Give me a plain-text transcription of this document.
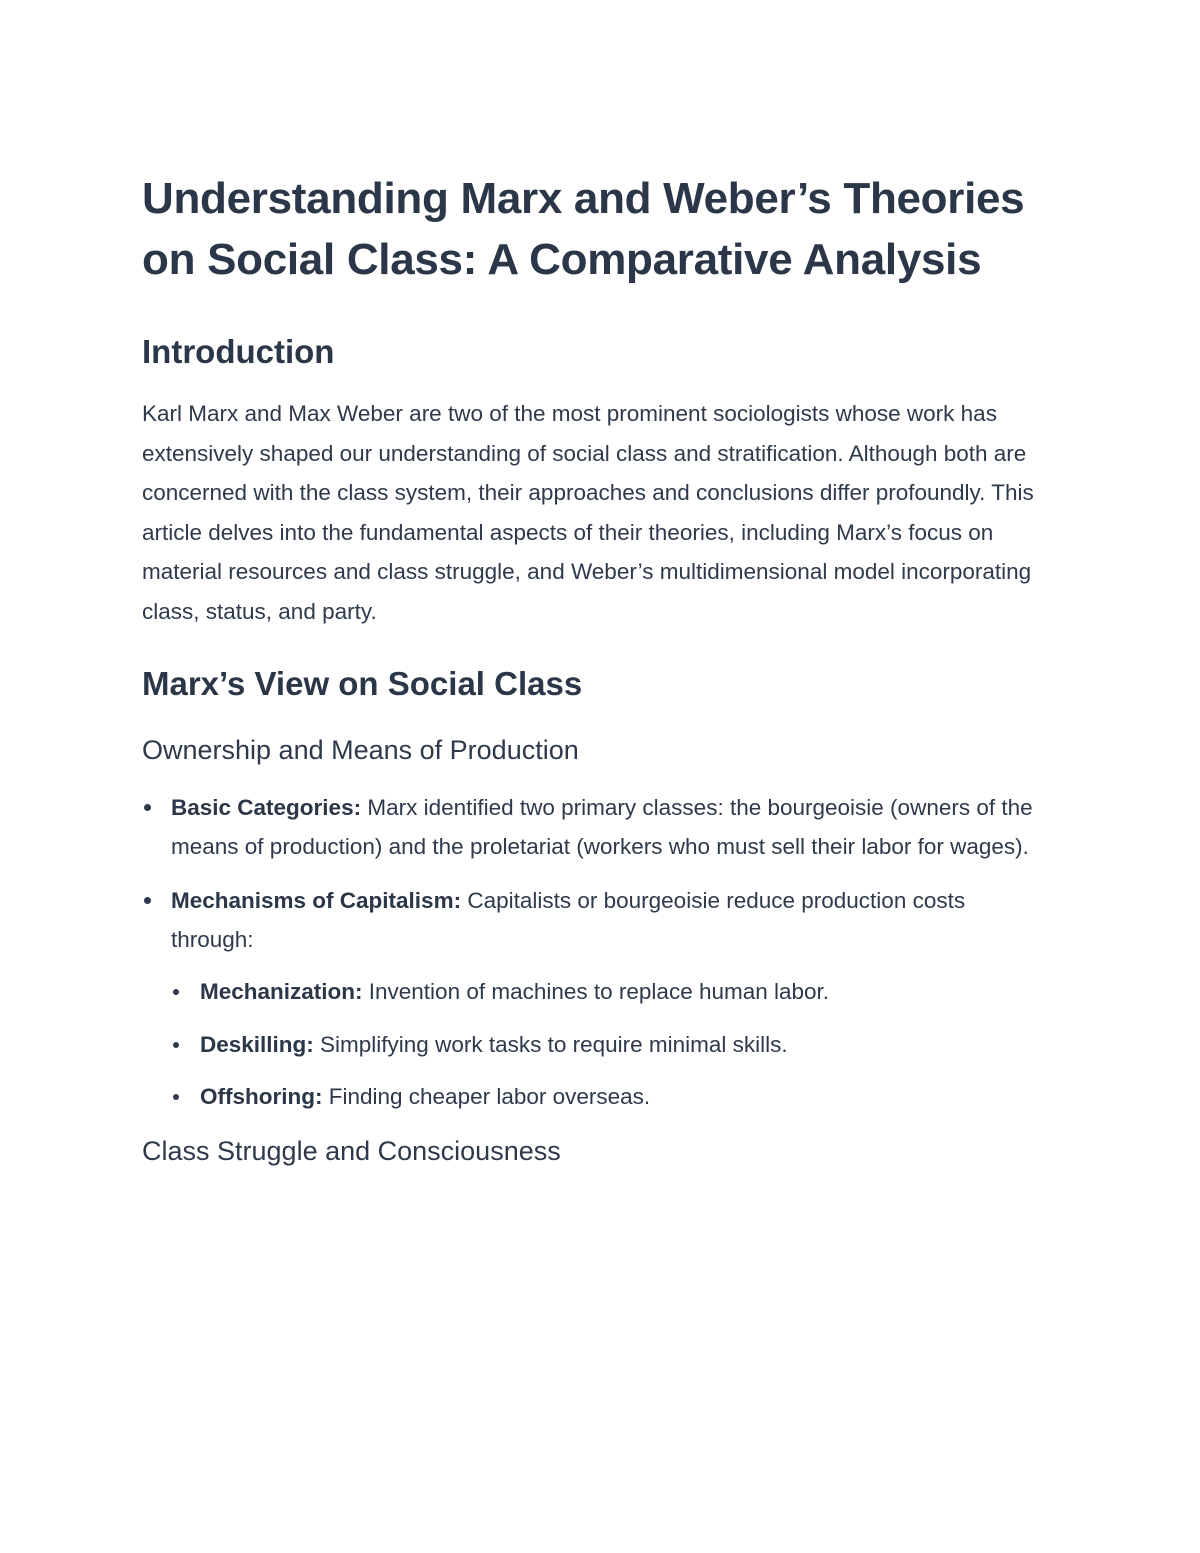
Understanding Marx and Weber’s Theories on Social Class: A Comparative Analysis
Introduction

Karl Marx and Max Weber are two of the most prominent sociologists whose work has extensively shaped our understanding of social class and stratification. Although both are concerned with the class system, their approaches and conclusions differ profoundly. This article delves into the fundamental aspects of their theories, including Marx’s focus on material resources and class struggle, and Weber’s multidimensional model incorporating class, status, and party.

Marx’s View on Social Class
Ownership and Means of Production
Basic Categories: Marx identified two primary classes: the bourgeoisie (owners of the means of production) and the proletariat (workers who must sell their labor for wages).
Mechanisms of Capitalism: Capitalists or bourgeoisie reduce production costs through:
Mechanization: Invention of machines to replace human labor.
Deskilling: Simplifying work tasks to require minimal skills.
Offshoring: Finding cheaper labor overseas.
Class Struggle and Consciousness
